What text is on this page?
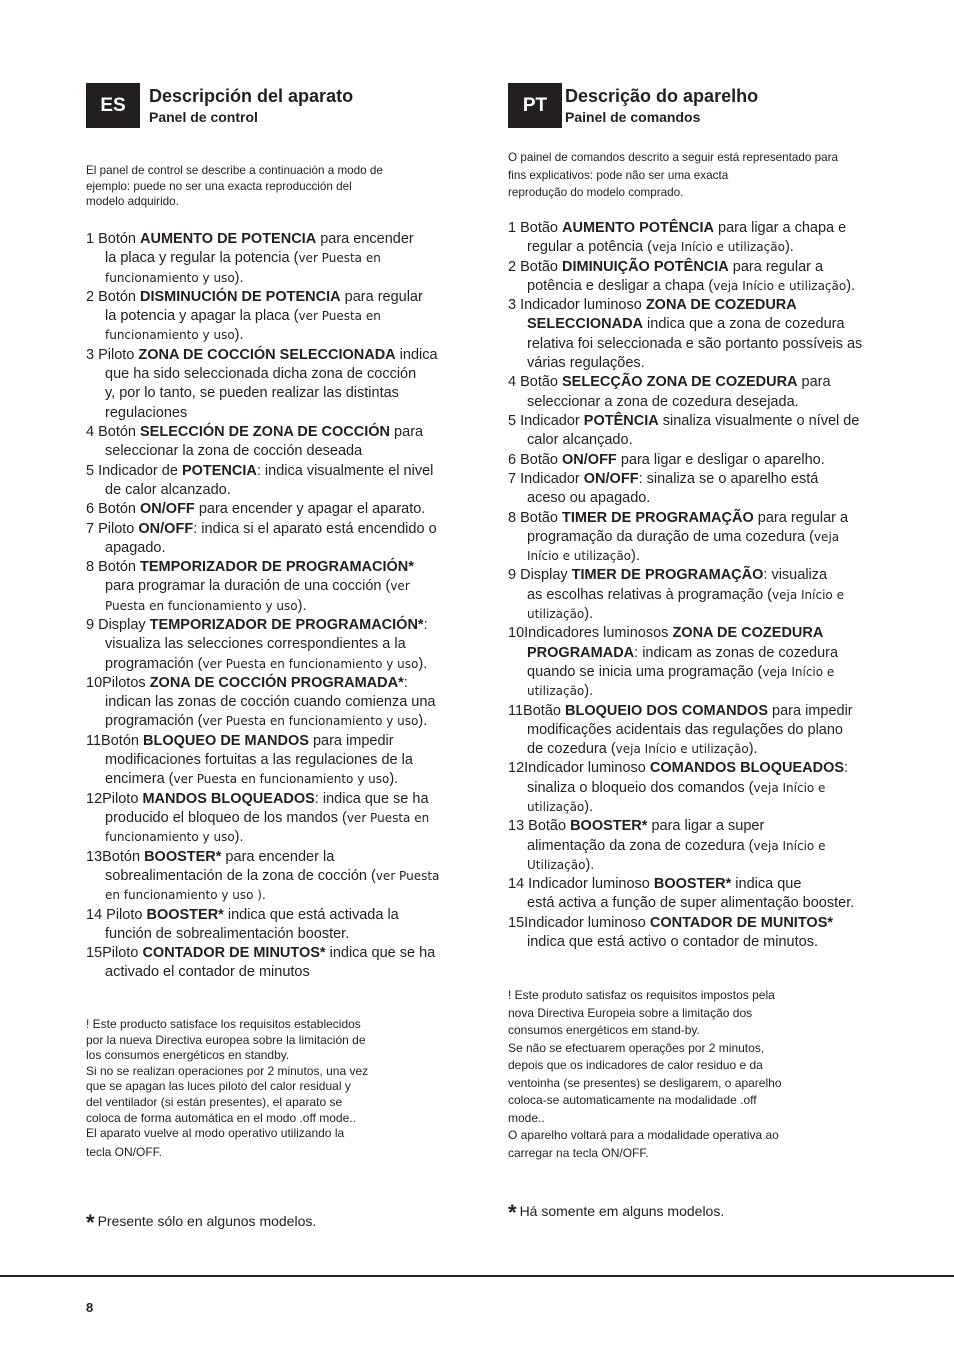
ES	Descripción del aparato
Panel de control
El panel de control se describe a continuación a modo de
ejemplo: puede no ser una exacta reproducción del
modelo adquirido.
1 Botón AUMENTO DE POTENCIA para encender
la placa y regular la potencia (ver Puesta en
funcionamiento y uso).
2 Botón DISMINUCIÓN DE POTENCIA para regular
la potencia y apagar la placa (ver Puesta en
funcionamiento y uso).
3 Piloto ZONA DE COCCIÓN SELECCIONADA indica
que ha sido seleccionada dicha zona de cocción
y, por lo tanto, se pueden realizar las distintas
regulaciones
4 Botón SELECCIÓN DE ZONA DE COCCIÓN para
seleccionar la zona de cocción deseada
5 Indicador de POTENCIA: indica visualmente el nivel
de calor alcanzado.
6 Botón ON/OFF para encender y apagar el aparato.
7 Piloto ON/OFF: indica si el aparato está encendido o
apagado.
8 Botón TEMPORIZADOR DE PROGRAMACIÓN*
para programar la duración de una cocción (ver
Puesta en funcionamiento y uso).
9 Display TEMPORIZADOR DE PROGRAMACIÓN*:
visualiza las selecciones correspondientes a la
programación (ver Puesta en funcionamiento y uso).
10Pilotos ZONA DE COCCIÓN PROGRAMADA*:
indican las zonas de cocción cuando comienza una
programación (ver Puesta en funcionamiento y uso).
11Botón BLOQUEO DE MANDOS para impedir
modificaciones fortuitas a las regulaciones de la
encimera (ver Puesta en funcionamiento y uso).
12Piloto MANDOS BLOQUEADOS: indica que se ha
producido el bloqueo de los mandos (ver Puesta en
funcionamiento y uso).
13Botón BOOSTER* para encender la
sobrealimentación de la zona de cocción (ver Puesta
en funcionamiento y uso ).
14 Piloto BOOSTER* indica que está activada la
función de sobrealimentación booster.
15Piloto CONTADOR DE MINUTOS* indica que se ha
activado el contador de minutos
! Este producto satisface los requisitos establecidos
por la nueva Directiva europea sobre la limitación de
los consumos energéticos en standby.
Si no se realizan operaciones por 2 minutos, una vez
que se apagan las luces piloto del calor residual y
del ventilador (si están presentes), el aparato se
coloca de forma automática en el modo .off mode..
El aparato vuelve al modo operativo utilizando la
tecla ON/OFF.
* Presente sólo en algunos modelos.
PT Descrição do aparelho
Painel de comandos
O painel de comandos descrito a seguir está representado para
fins explicativos: pode não ser uma exacta
reprodução do modelo comprado.
1 Botão AUMENTO POTÊNCIA para ligar a chapa e
regular a potência (veja Início e utilização).
2 Botão DIMINUIÇÃO POTÊNCIA para regular a
potência e desligar a chapa (veja Início e utilização).
3 Indicador luminoso ZONA DE COZEDURA
SELECCIONADA indica que a zona de cozedura
relativa foi seleccionada e são portanto possíveis as
várias regulações.
4 Botão SELECÇÃO ZONA DE COZEDURA para
seleccionar a zona de cozedura desejada.
5 Indicador POTÊNCIA sinaliza visualmente o nível de
calor alcançado.
6 Botão ON/OFF para ligar e desligar o aparelho.
7 Indicador ON/OFF: sinaliza se o aparelho está
aceso ou apagado.
8 Botão TIMER DE PROGRAMAÇÃO para regular a
programação da duração de uma cozedura (veja
Início e utilização).
9 Display TIMER DE PROGRAMAÇÃO: visualiza
as escolhas relativas à programação (veja Início e
utilização).
10Indicadores luminosos ZONA DE COZEDURA
PROGRAMADA: indicam as zonas de cozedura
quando se inicia uma programação (veja Início e
utilização).
11Botão BLOQUEIO DOS COMANDOS para impedir
modificações acidentais das regulações do plano
de cozedura (veja Início e utilização).
12Indicador luminoso COMANDOS BLOQUEADOS:
sinaliza o bloqueio dos comandos (veja Início e
utilização).
13 Botão BOOSTER* para ligar a super
alimentação da zona de cozedura (veja Início e
Utilização).
14 Indicador luminoso BOOSTER* indica que
está activa a função de super alimentação booster.
15Indicador luminoso CONTADOR DE MUNITOS*
indica que está activo o contador de minutos.
! Este produto satisfaz os requisitos impostos pela
nova Directiva Europeia sobre a limitação dos
consumos energéticos em stand-by.
Se não se efectuarem operações por 2 minutos,
depois que os indicadores de calor residuo e da
ventoinha (se presentes) se desligarem, o aparelho
coloca-se automaticamente na modalidade .off
mode..
O aparelho voltará para a modalidade operativa ao
carregar na tecla ON/OFF.
* Há somente em alguns modelos.
8
